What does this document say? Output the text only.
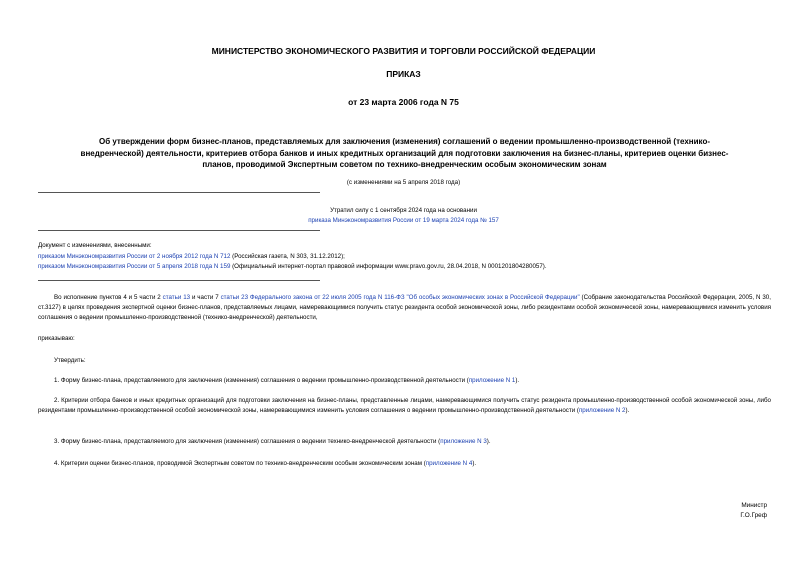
МИНИСТЕРСТВО ЭКОНОМИЧЕСКОГО РАЗВИТИЯ И ТОРГОВЛИ РОССИЙСКОЙ ФЕДЕРАЦИИ
ПРИКАЗ
от 23 марта 2006 года N 75
Об утверждении форм бизнес-планов, представляемых для заключения (изменения) соглашений о ведении промышленно-производственной (технико-
внедренческой) деятельности, критериев отбора банков и иных кредитных организаций для подготовки заключения на бизнес-планы, критериев оценки бизнес-
планов, проводимой Экспертным советом по технико-внедренческим особым экономическим зонам
(с изменениями на 5 апреля 2018 года)
Утратил силу с 1 сентября 2024 года на основании
приказа Минэкономразвития России от 19 марта 2024 года № 157
Документ с изменениями, внесенными:
приказом Минэкономразвития России от 2 ноября 2012 года N 712 (Российская газета, N 303, 31.12.2012);
приказом Минэкономразвития России от 5 апреля 2018 года N 159 (Официальный интернет-портал правовой информации www.pravo.gov.ru, 28.04.2018, N 0001201804280057).
Во исполнение пунктов 4 и 5 части 2 статьи 13 и части 7 статьи 23 Федерального закона от 22 июля 2005 года N 116-ФЗ "Об особых экономических зонах в Российской Федерации" (Собрание законодательства Российской Федерации, 2005, N 30, ст.3127) в целях проведения экспертной оценки бизнес-планов, представляемых лицами, намеревающимися получить статус резидента особой экономической зоны, либо резидентами особой экономической зоны, намеревающимися изменить условия соглашения о ведении промышленно-производственной (технико-внедренческой) деятельности,
приказываю:
Утвердить:
1. Форму бизнес-плана, представляемого для заключения (изменения) соглашения о ведении промышленно-производственной деятельности (приложение N 1).
2. Критерии отбора банков и иных кредитных организаций для подготовки заключения на бизнес-планы, представленные лицами, намеревающимися получить статус резидента промышленно-производственной особой экономической зоны, либо резидентами промышленно-производственной особой экономической зоны, намеревающимися изменить условия соглашения о ведении промышленно-производственной деятельности (приложение N 2).
3. Форму бизнес-плана, представляемого для заключения (изменения) соглашения о ведении технико-внедренческой деятельности (приложение N 3).
4. Критерии оценки бизнес-планов, проводимой Экспертным советом по технико-внедренческим особым экономическим зонам (приложение N 4).
Министр
Г.О.Греф
